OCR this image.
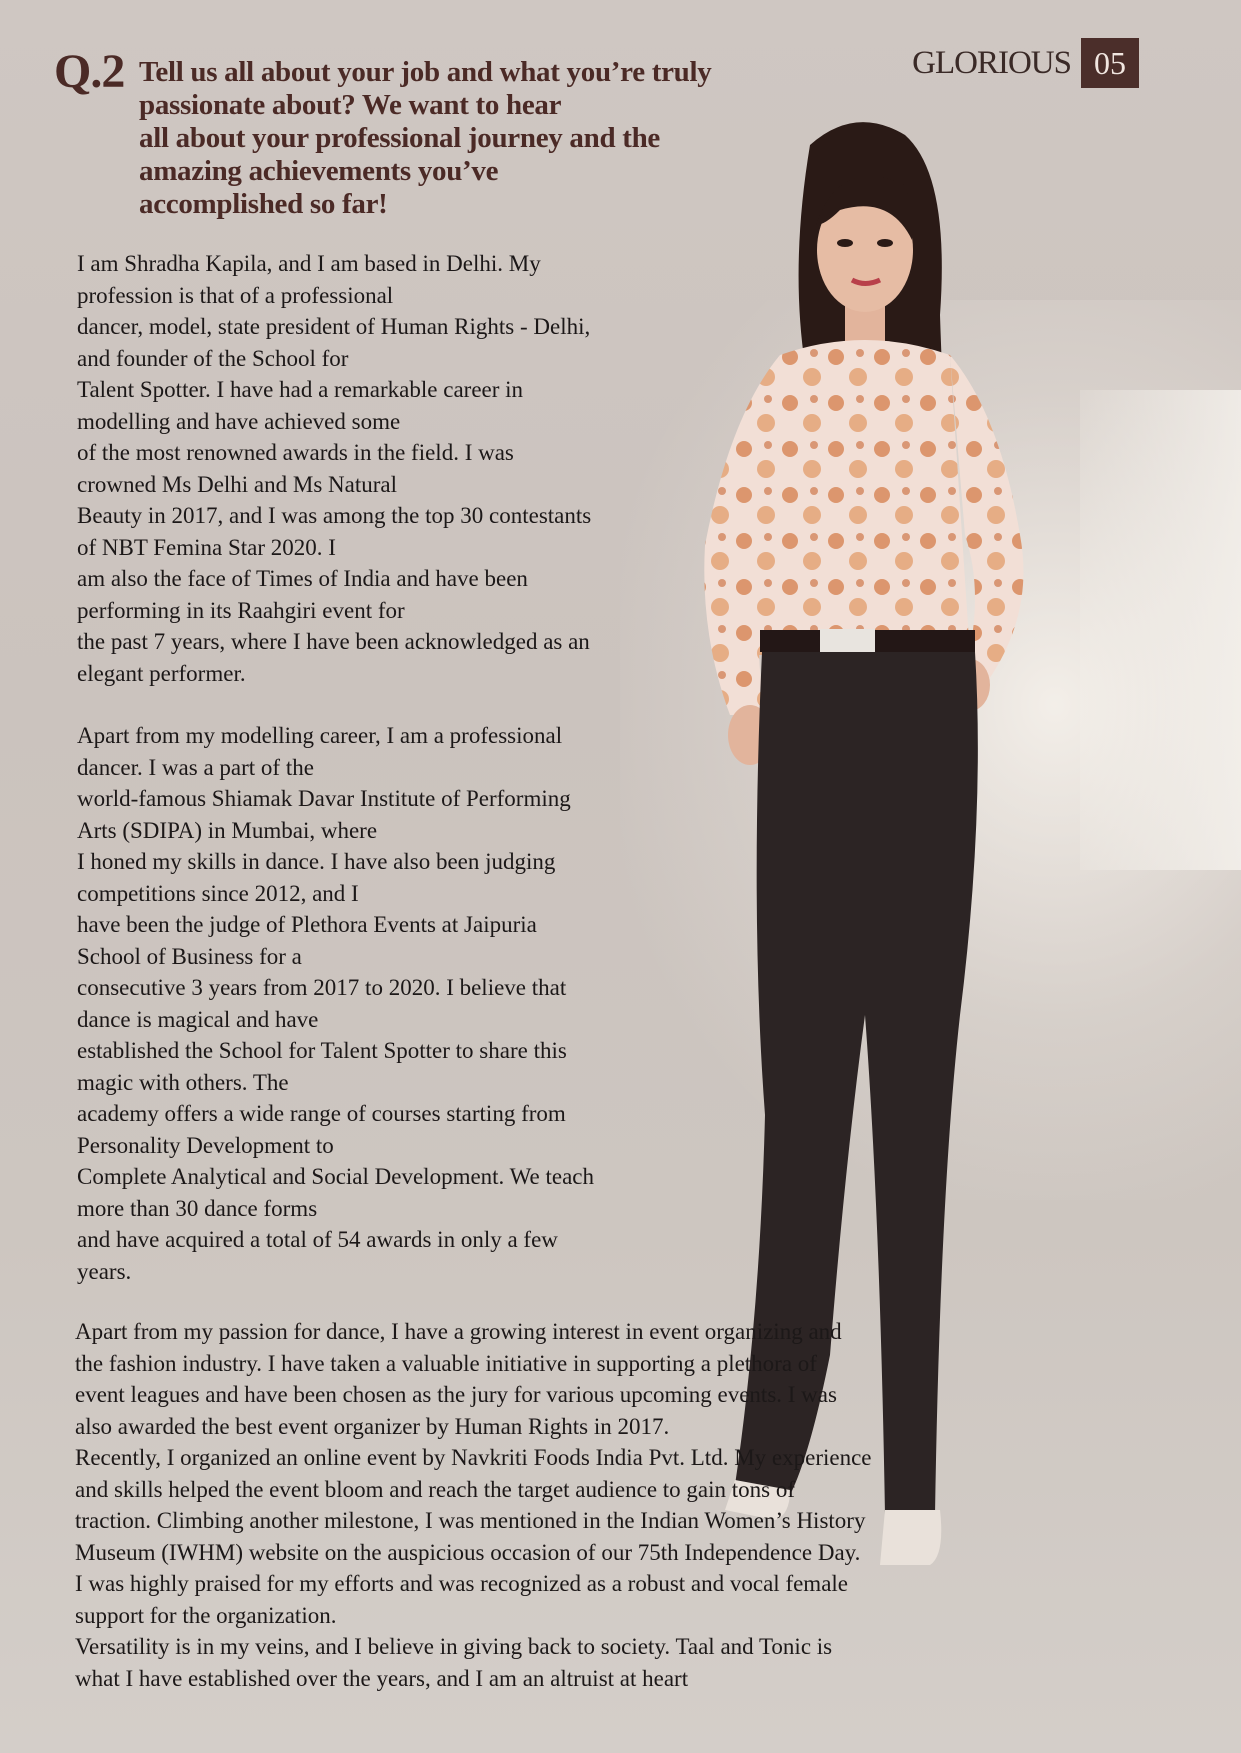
GLORIOUS 05
Q.2 Tell us all about your job and what you’re truly
passionate about? We want to hear
all about your professional journey and the
amazing achievements you’ve
accomplished so far!
I am Shradha Kapila, and I am based in Delhi. My
profession is that of a professional
dancer, model, state president of Human Rights - Delhi,
and founder of the School for
Talent Spotter. I have had a remarkable career in
modelling and have achieved some
of the most renowned awards in the field. I was
crowned Ms Delhi and Ms Natural
Beauty in 2017, and I was among the top 30 contestants
of NBT Femina Star 2020. I
am also the face of Times of India and have been
performing in its Raahgiri event for
the past 7 years, where I have been acknowledged as an
elegant performer.
Apart from my modelling career, I am a professional
dancer. I was a part of the
world-famous Shiamak Davar Institute of Performing
Arts (SDIPA) in Mumbai, where
I honed my skills in dance. I have also been judging
competitions since 2012, and I
have been the judge of Plethora Events at Jaipuria
School of Business for a
consecutive 3 years from 2017 to 2020. I believe that
dance is magical and have
established the School for Talent Spotter to share this
magic with others. The
academy offers a wide range of courses starting from
Personality Development to
Complete Analytical and Social Development. We teach
more than 30 dance forms
and have acquired a total of 54 awards in only a few
years.
Apart from my passion for dance, I have a growing interest in event organizing and
the fashion industry. I have taken a valuable initiative in supporting a plethora of
event leagues and have been chosen as the jury for various upcoming events. I was
also awarded the best event organizer by Human Rights in 2017.
Recently, I organized an online event by Navkriti Foods India Pvt. Ltd. My experience
and skills helped the event bloom and reach the target audience to gain tons of
traction. Climbing another milestone, I was mentioned in the Indian Women’s History
Museum (IWHM) website on the auspicious occasion of our 75th Independence Day.
I was highly praised for my efforts and was recognized as a robust and vocal female
support for the organization.
Versatility is in my veins, and I believe in giving back to society. Taal and Tonic is
what I have established over the years, and I am an altruist at heart
